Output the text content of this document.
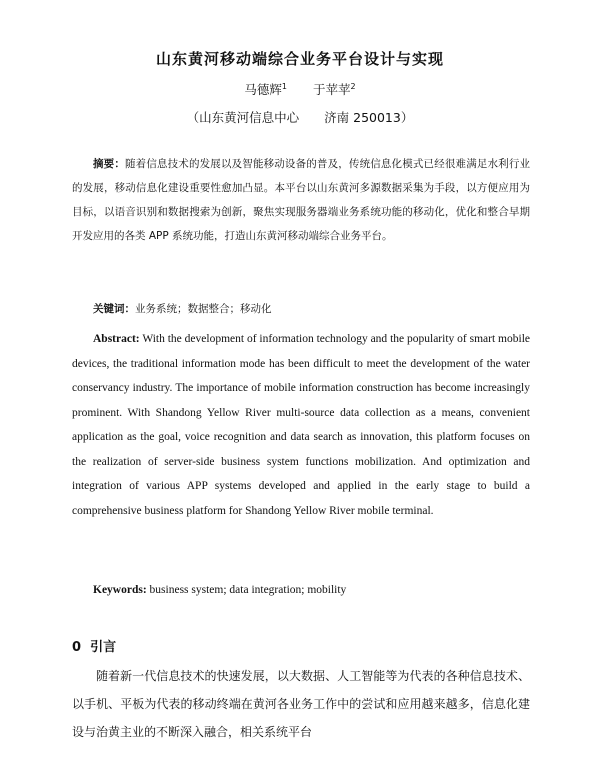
山东黄河移动端综合业务平台设计与实现
马德辉$^1$ 于苹苹$^2$
（山东黄河信息中心　　济南 250013）
摘要：随着信息技术的发展以及智能移动设备的普及，传统信息化模式已经很难满足水利行业的发展，移动信息化建设重要性愈加凸显。本平台以山东黄河多源数据采集为手段，以方便应用为目标，以语音识别和数据搜索为创新，聚焦实现服务器端业务系统功能的移动化，优化和整合早期开发应用的各类 APP 系统功能，打造山东黄河移动端综合业务平台。
关键词：业务系统；数据整合；移动化
Abstract: With the development of information technology and the popularity of smart mobile devices, the traditional information mode has been difficult to meet the development of the water conservancy industry. The importance of mobile information construction has become increasingly prominent. With Shandong Yellow River multi-source data collection as a means, convenient application as the goal, voice recognition and data search as innovation, this platform focuses on the realization of server-side business system functions mobilization. And optimization and integration of various APP systems developed and applied in the early stage to build a comprehensive business platform for Shandong Yellow River mobile terminal.
Keywords: business system; data integration; mobility
0 引言
随着新一代信息技术的快速发展，以大数据、人工智能等为代表的各种信息技术、以手机、平板为代表的移动终端在黄河各业务工作中的尝试和应用越来越多，信息化建设与治黄主业的不断深入融合，相关系统平台
